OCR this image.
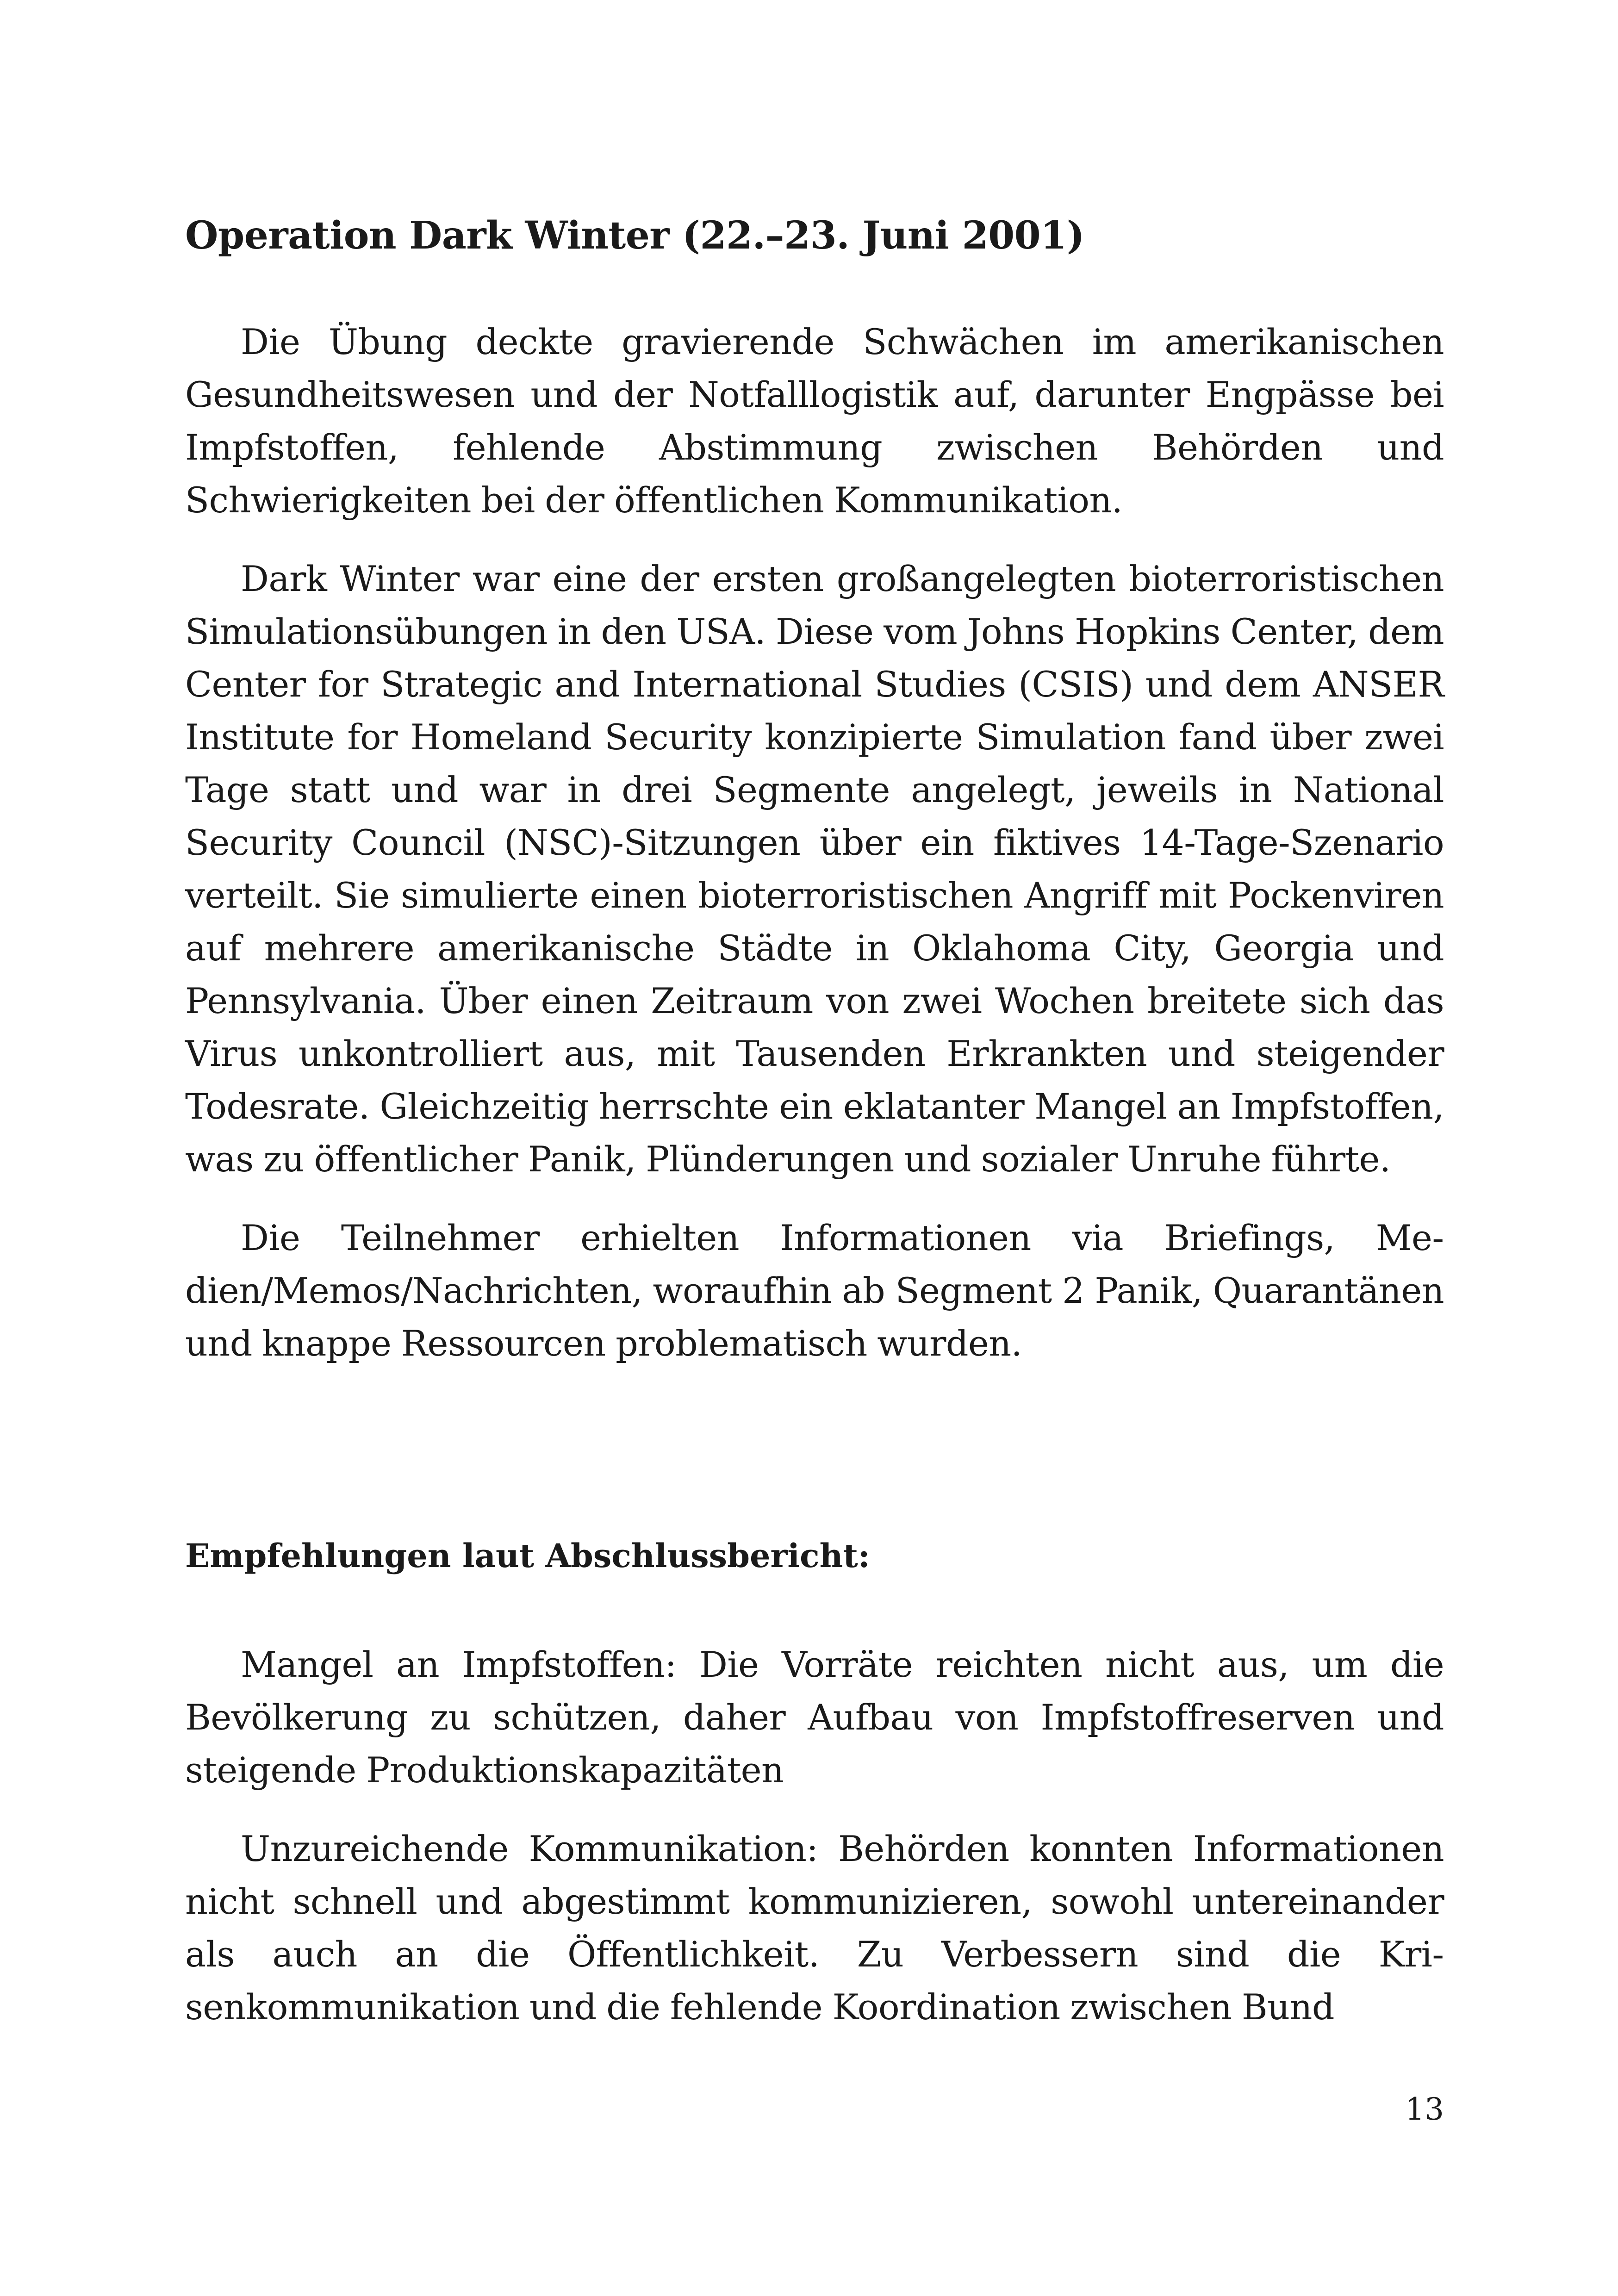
Operation Dark Winter (22.–23. Juni 2001)

Die Übung deckte gravierende Schwächen im amerikanischen Gesundheitswesen und der Notfalllogistik auf, darunter Engpässe bei Impfstoffen, fehlende Abstimmung zwischen Behörden und Schwierigkeiten bei der öffentlichen Kommunikation.

Dark Winter war eine der ersten großangelegten bioterroristischen Simulationsübungen in den USA. Diese vom Johns Hopkins Center, dem Center for Strategic and International Studies (CSIS) und dem ANSER Institute for Homeland Security konzipierte Simulation fand über zwei Tage statt und war in drei Segmente angelegt, jeweils in National Security Council (NSC)-Sitzungen über ein fiktives 14-Tage-Szenario verteilt. Sie simulierte einen bioterroristischen Angriff mit Pockenviren auf mehrere amerikanische Städte in Oklahoma City, Georgia und Pennsylvania. Über einen Zeitraum von zwei Wochen breitete sich das Virus unkontrolliert aus, mit Tausenden Erkrankten und steigender Todesrate. Gleichzeitig herrschte ein eklatanter Mangel an Impfstoffen, was zu öffentlicher Panik, Plünderungen und sozialer Unruhe führte.

Die Teilnehmer erhielten Informationen via Briefings, Medien/Memos/Nachrichten, woraufhin ab Segment 2 Panik, Quarantänen und knappe Ressourcen problematisch wurden.

Empfehlungen laut Abschlussbericht:

Mangel an Impfstoffen: Die Vorräte reichten nicht aus, um die Bevölkerung zu schützen, daher Aufbau von Impfstoffreserven und steigende Produktionskapazitäten

Unzureichende Kommunikation: Behörden konnten Informationen nicht schnell und abgestimmt kommunizieren, sowohl untereinander als auch an die Öffentlichkeit. Zu Verbessern sind die Krisenkommunikation und die fehlende Koordination zwischen Bund

13
